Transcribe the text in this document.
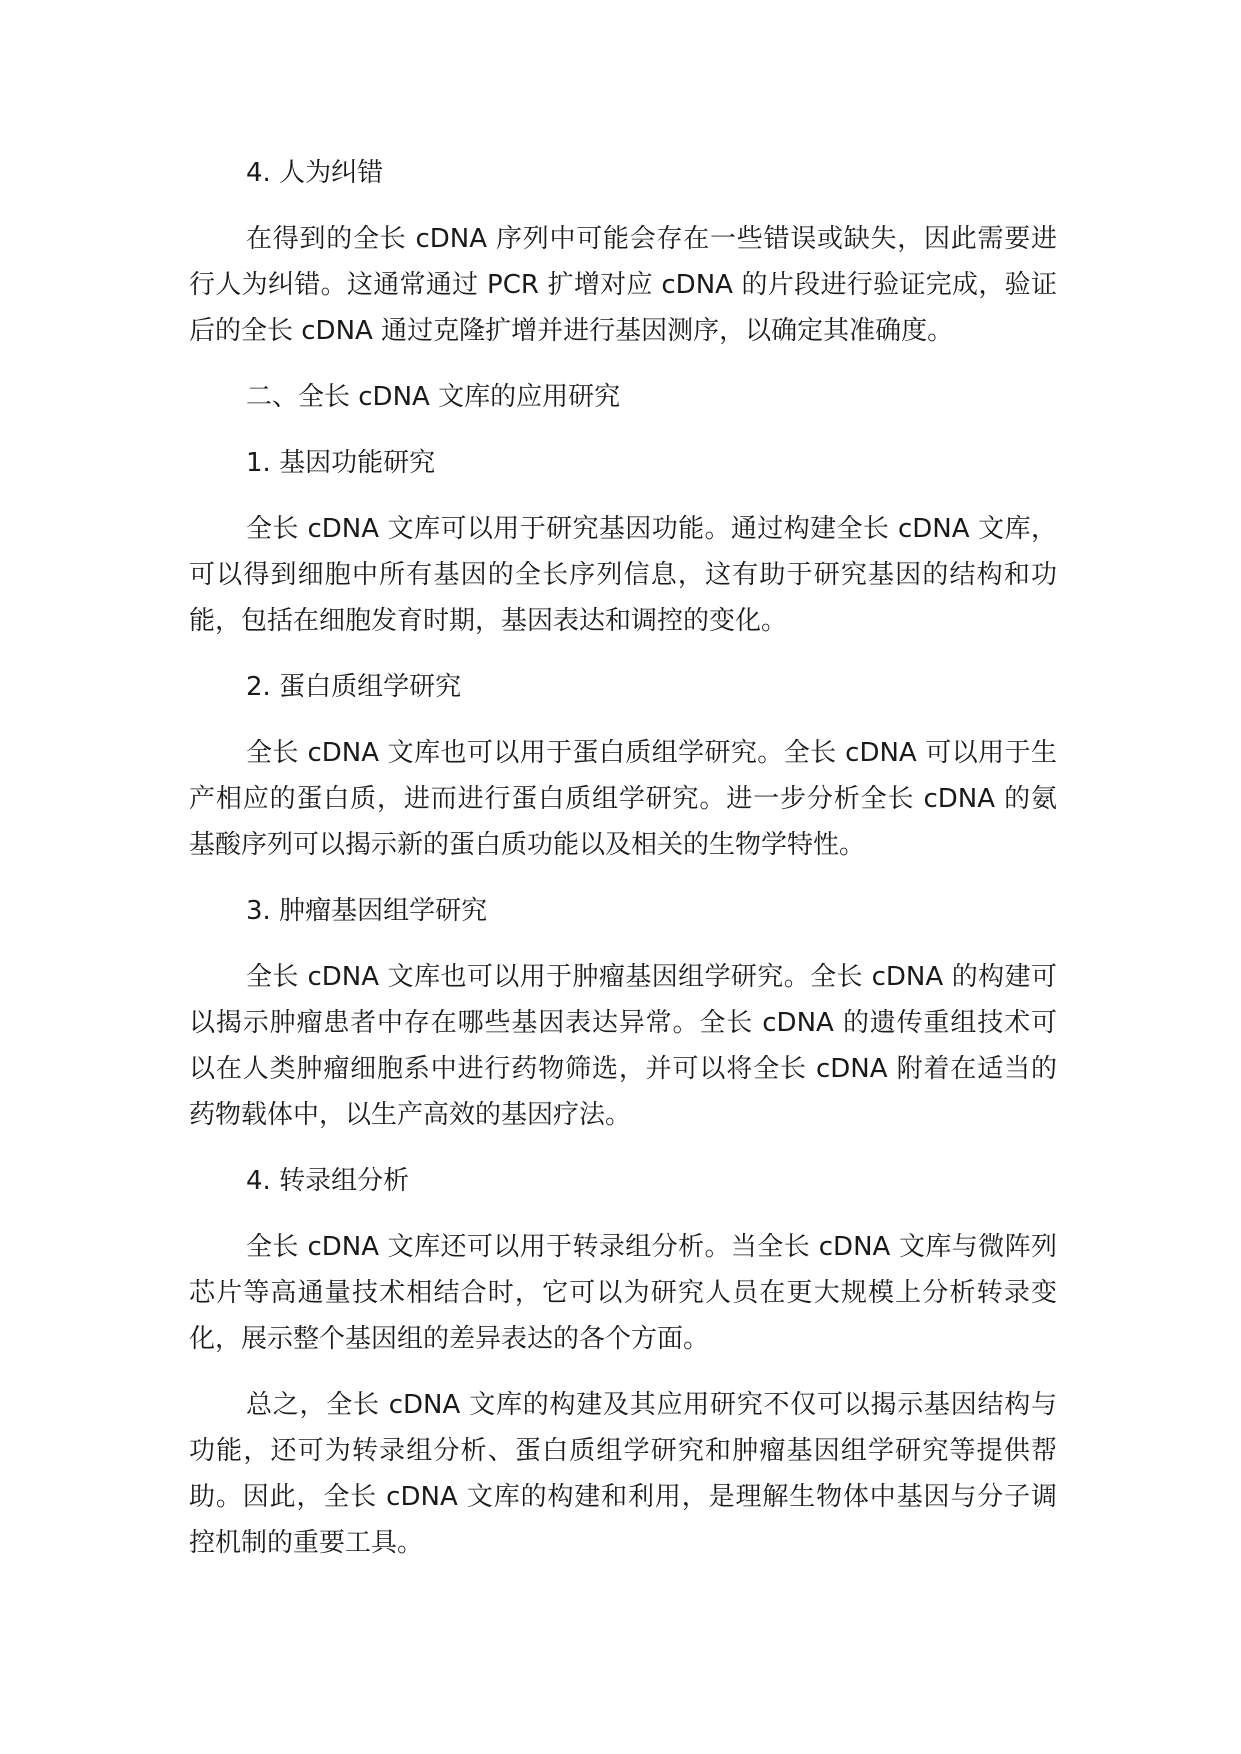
4. 人为纠错

在得到的全长 cDNA 序列中可能会存在一些错误或缺失，因此需要进行人为纠错。这通常通过 PCR 扩增对应 cDNA 的片段进行验证完成，验证后的全长 cDNA 通过克隆扩增并进行基因测序，以确定其准确度。

二、全长 cDNA 文库的应用研究

1. 基因功能研究

全长 cDNA 文库可以用于研究基因功能。通过构建全长 cDNA 文库，可以得到细胞中所有基因的全长序列信息，这有助于研究基因的结构和功能，包括在细胞发育时期，基因表达和调控的变化。

2. 蛋白质组学研究

全长 cDNA 文库也可以用于蛋白质组学研究。全长 cDNA 可以用于生产相应的蛋白质，进而进行蛋白质组学研究。进一步分析全长 cDNA 的氨基酸序列可以揭示新的蛋白质功能以及相关的生物学特性。

3. 肿瘤基因组学研究

全长 cDNA 文库也可以用于肿瘤基因组学研究。全长 cDNA 的构建可以揭示肿瘤患者中存在哪些基因表达异常。全长 cDNA 的遗传重组技术可以在人类肿瘤细胞系中进行药物筛选，并可以将全长 cDNA 附着在适当的药物载体中，以生产高效的基因疗法。

4. 转录组分析

全长 cDNA 文库还可以用于转录组分析。当全长 cDNA 文库与微阵列芯片等高通量技术相结合时，它可以为研究人员在更大规模上分析转录变化，展示整个基因组的差异表达的各个方面。

总之，全长 cDNA 文库的构建及其应用研究不仅可以揭示基因结构与功能，还可为转录组分析、蛋白质组学研究和肿瘤基因组学研究等提供帮助。因此，全长 cDNA 文库的构建和利用，是理解生物体中基因与分子调控机制的重要工具。
